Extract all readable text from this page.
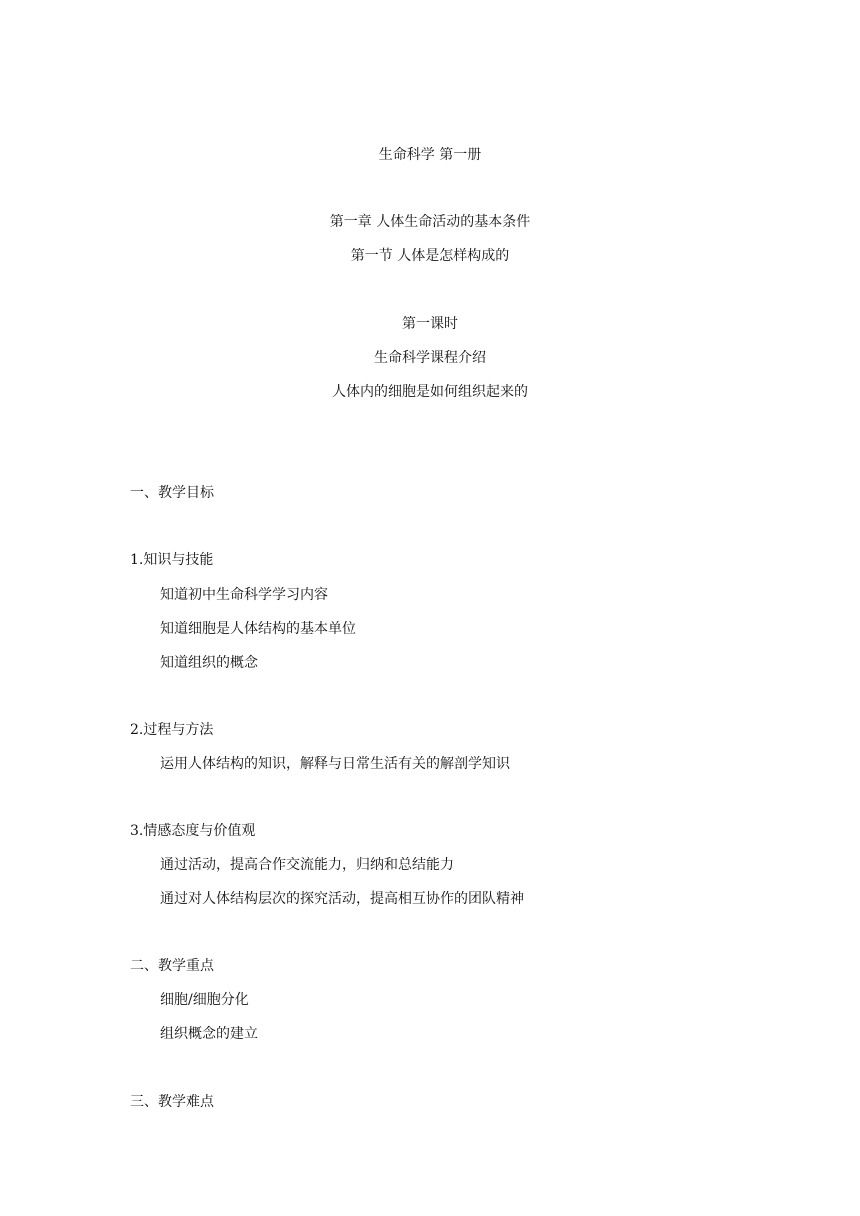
生命科学 第一册
第一章 人体生命活动的基本条件
第一节 人体是怎样构成的
第一课时
生命科学课程介绍
人体内的细胞是如何组织起来的
一、教学目标
1.知识与技能
知道初中生命科学学习内容
知道细胞是人体结构的基本单位
知道组织的概念
2.过程与方法
运用人体结构的知识，解释与日常生活有关的解剖学知识
3.情感态度与价值观
通过活动，提高合作交流能力，归纳和总结能力
通过对人体结构层次的探究活动，提高相互协作的团队精神
二、教学重点
细胞/细胞分化
组织概念的建立
三、教学难点
